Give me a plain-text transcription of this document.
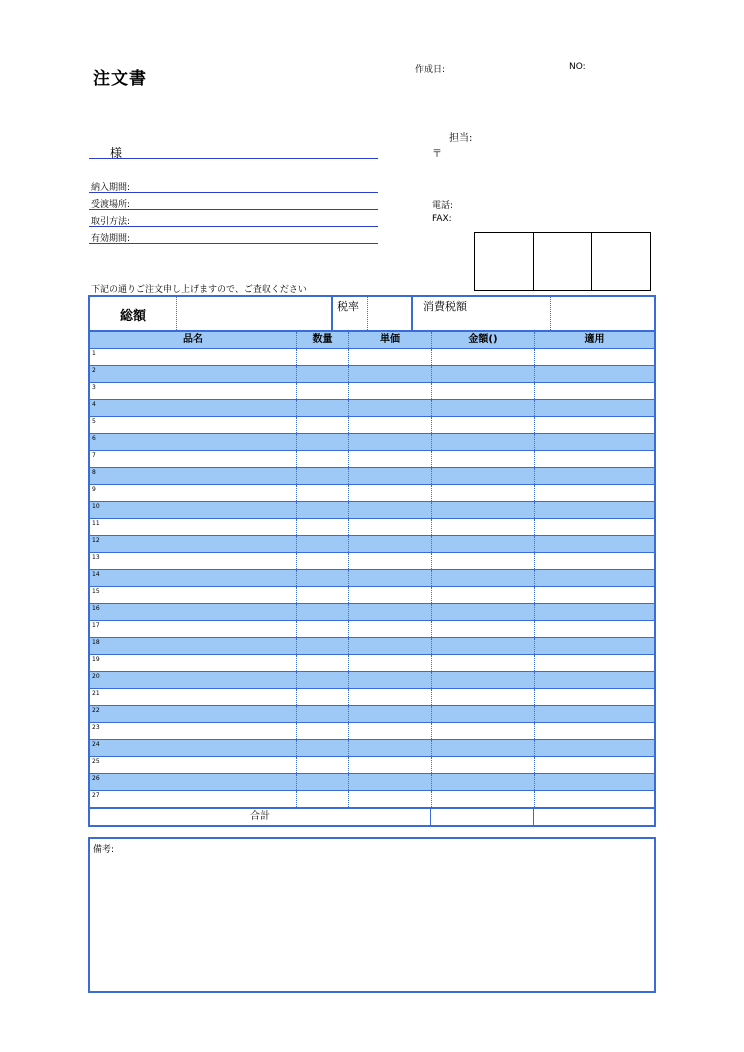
注文書	作成日:	NO:
様
担当:
〒
電話:
FAX:
納入期間:
受渡場所:
取引方法:
有効期間:
下記の通りご注文申し上げますので、ご査収ください
総額
税率	消費税額
品名	数量	単価	金額()	適用
1
2
3
4
5
6
7
8
9
10
11
12
13
14
15
16
17
18
19
20
21
22
23
24
25
26
27
合計
備考:
